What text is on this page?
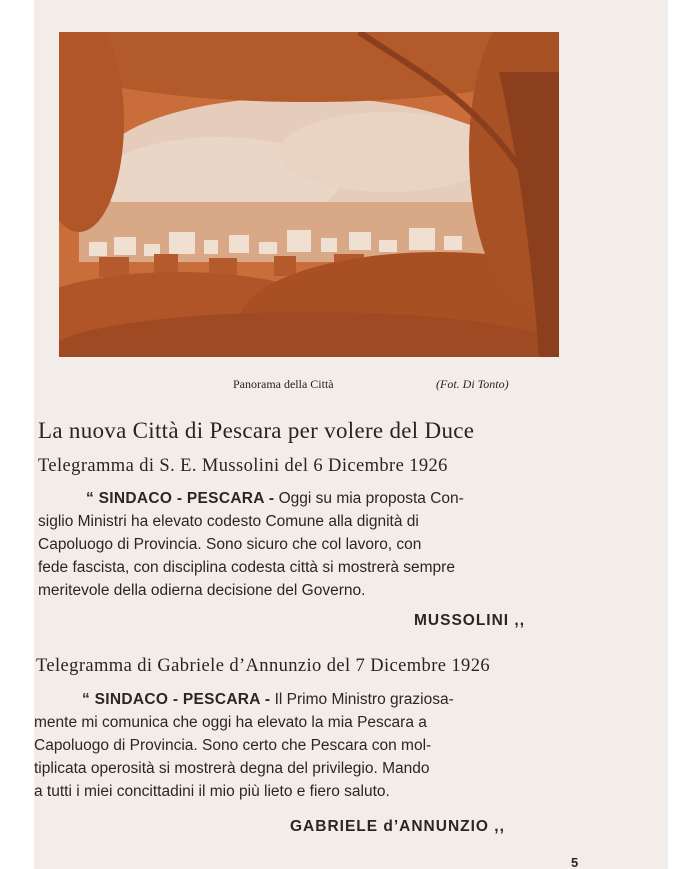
Panorama della Città	(Fot. Di Tonto)
La nuova Città di Pescara per volere del Duce
Telegramma di S. E. Mussolini del 6 Dicembre 1926
“ SINDACO - PESCARA - Oggi su mia proposta Con-
siglio Ministri ha elevato codesto Comune alla dignità di
Capoluogo di Provincia. Sono sicuro che col lavoro, con
fede fascista, con disciplina codesta città si mostrerà sempre
meritevole della odierna decisione del Governo.
MUSSOLINI ,,
Telegramma di Gabriele d’Annunzio del 7 Dicembre 1926
“ SINDACO - PESCARA - Il Primo Ministro graziosa-
mente mi comunica che oggi ha elevato la mia Pescara a
Capoluogo di Provincia. Sono certo che Pescara con mol-
tiplicata operosità si mostrerà degna del privilegio. Mando
a tutti i miei concittadini il mio più lieto e fiero saluto.
GABRIELE d’ANNUNZIO ,,
5
